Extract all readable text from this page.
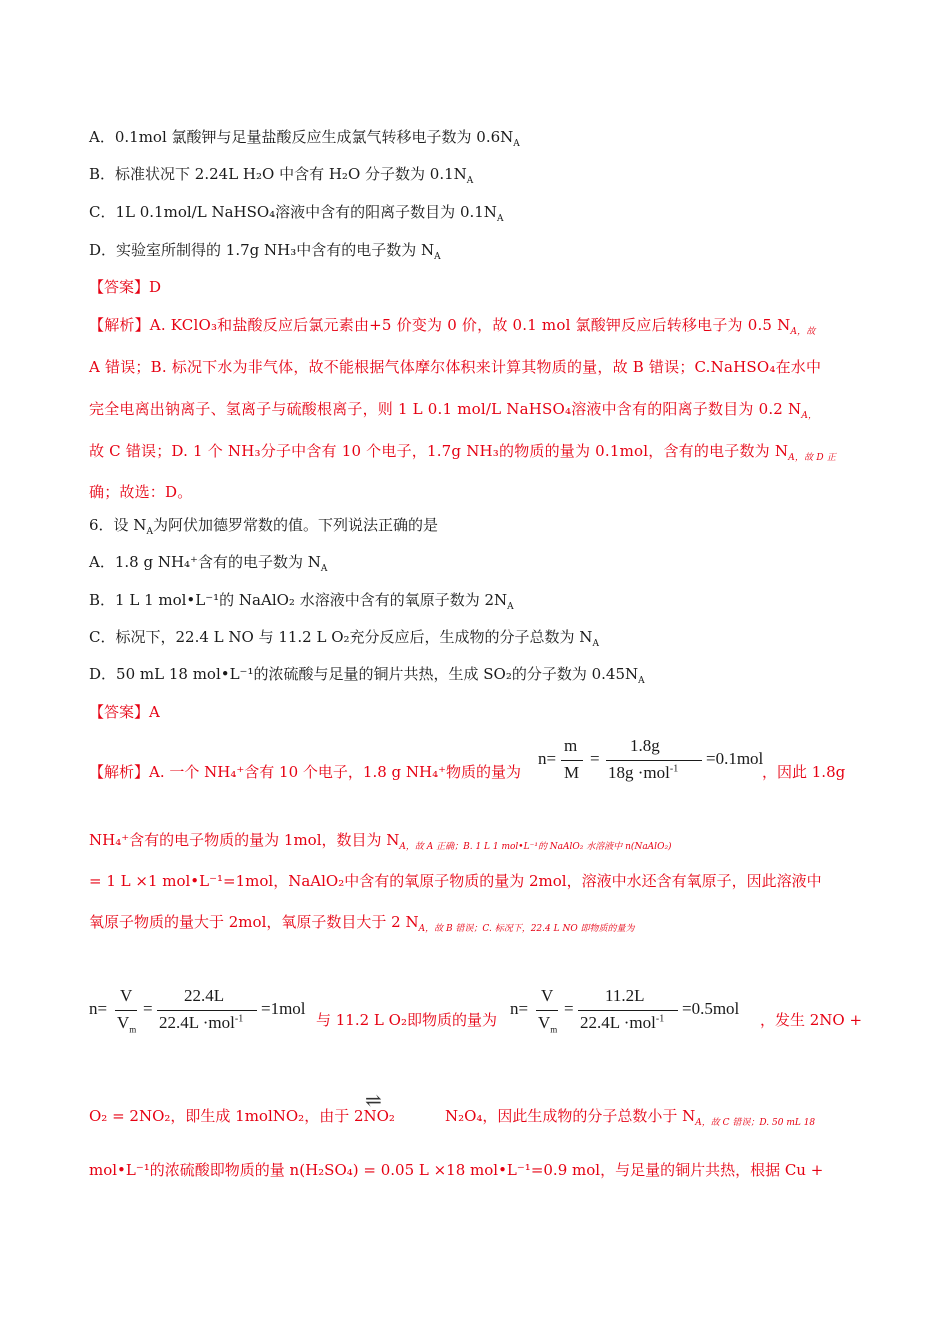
A．0.1mol 氯酸钾与足量盐酸反应生成氯气转移电子数为 $0.6N_A$
B．标准状况下 2.24L H₂O 中含有 H₂O 分子数为 $0.1N_A$
C．1L 0.1mol/L NaHSO₄溶液中含有的阳离子数目为 $0.1N_A$
D．实验室所制得的 1.7g NH₃中含有的电子数为 $N_A$
【答案】D
【解析】A. KClO₃和盐酸反应后氯元素由+5 价变为 0 价，故 0.1 mol 氯酸钾反应后转移电子为 0.5 $N_{A,故}$
A 错误；B. 标况下水为非气体，故不能根据气体摩尔体积来计算其物质的量，故 B 错误；C.NaHSO₄在水中
完全电离出钠离子、氢离子与硫酸根离子，则 1 L 0.1 mol/L NaHSO₄溶液中含有的阳离子数目为 0.2 $N_{A,}$
故 C 错误；D. 1 个 NH₃分子中含有 10 个电子，1.7g NH₃的物质的量为 0.1mol，含有的电子数为 $N_{A,故 D 正}$
确；故选：D。
6．设 $N_A$为阿伏加德罗常数的值。下列说法正确的是
A．1.8 g NH₄⁺含有的电子数为 $N_A$
B．1 L 1 mol•L⁻¹的 NaAlO₂ 水溶液中含有的氧原子数为 $2N_A$
C．标况下，22.4 L NO 与 11.2 L O₂充分反应后，生成物的分子总数为 $N_A$
D．50 mL 18 mol•L⁻¹的浓硫酸与足量的铜片共热，生成 SO₂的分子数为 $0.45N_A$
【答案】A
【解析】A. 一个 NH₄⁺含有 10 个电子，1.8 g NH₄⁺物质的量为
n=
m
M
=
1.8g
18g ·mol$^{-1}$
=0.1mol
，因此 1.8g
NH₄⁺含有的电子物质的量为 1mol，数目为 $N_{A,故 A 正确;B. 1 L 1 mol•L^{-1}的 NaAlO_2 水溶液中 n(NaAlO_2)}$
= 1 L ×1 mol•L⁻¹=1mol，NaAlO₂中含有的氧原子物质的量为 2mol，溶液中水还含有氧原子，因此溶液中
氧原子物质的量大于 2mol，氧原子数目大于 2 $N_{A,故 B 错误;C. 标况下,22.4 L NO 即物质的量为}$
n=
V
$V_m$
=
22.4L
22.4L ·mol$^{-1}$
=1mol
与 11.2 L O₂即物质的量为
n=
V
$V_m$
=
11.2L
22.4L ·mol$^{-1}$
=0.5mol
，发生 2NO +
O₂ = 2NO₂，即生成 1molNO₂，由于 2NO₂	N₂O₄，因此生成物的分子总数小于 $N_{A,故 C 错误;D. 50 mL 18}$
⇌
mol•L⁻¹的浓硫酸即物质的量 n(H₂SO₄) = 0.05 L ×18 mol•L⁻¹=0.9 mol，与足量的铜片共热，根据 Cu +
